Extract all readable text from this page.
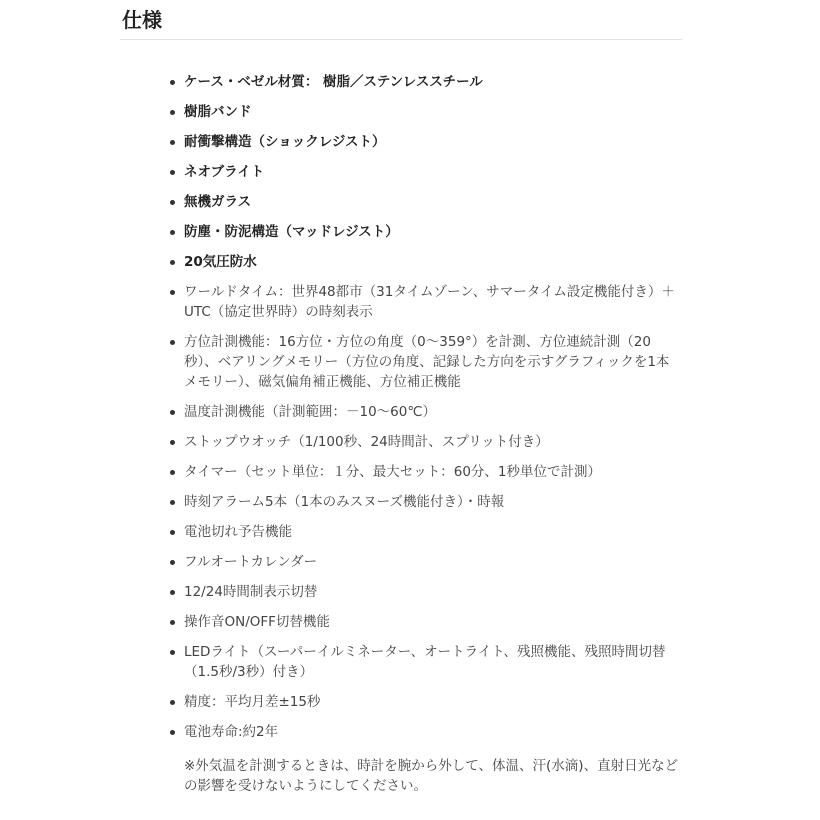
仕様
ケース・ベゼル材質： 樹脂／ステンレススチール
樹脂バンド
耐衝撃構造（ショックレジスト）
ネオブライト
無機ガラス
防塵・防泥構造（マッドレジスト）
20気圧防水
ワールドタイム：世界48都市（31タイムゾーン、サマータイム設定機能付き）＋UTC（協定世界時）の時刻表示
方位計測機能：16方位・方位の角度（0～359°）を計測、方位連続計測（20秒）、ベアリングメモリー（方位の角度、記録した方向を示すグラフィックを1本メモリー）、磁気偏角補正機能、方位補正機能
温度計測機能（計測範囲：－10～60℃）
ストップウオッチ（1/100秒、24時間計、スプリット付き）
タイマー（セット単位：１分、最大セット：60分、1秒単位で計測）
時刻アラーム5本（1本のみスヌーズ機能付き）・時報
電池切れ予告機能
フルオートカレンダー
12/24時間制表示切替
操作音ON/OFF切替機能
LEDライト（スーパーイルミネーター、オートライト、残照機能、残照時間切替（1.5秒/3秒）付き）
精度：平均月差±15秒
電池寿命:約2年

※外気温を計測するときは、時計を腕から外して、体温、汗(水滴)、直射日光などの影響を受けないようにしてください。
